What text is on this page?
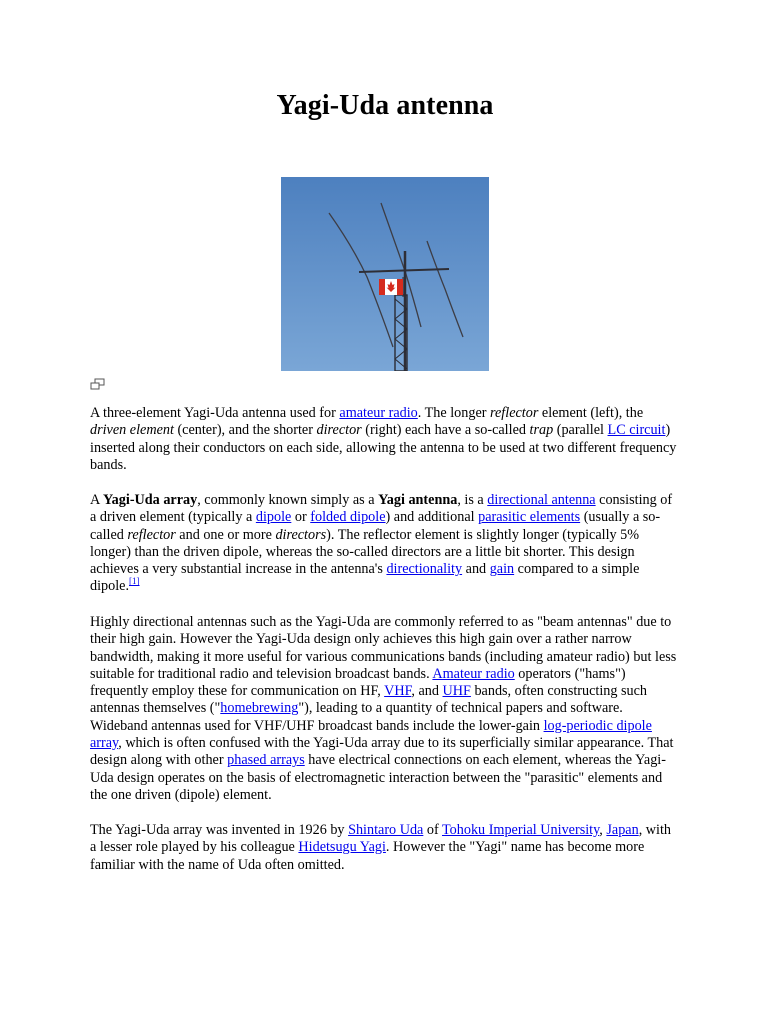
Yagi-Uda antenna

A three-element Yagi-Uda antenna used for amateur radio. The longer reflector element (left), the driven element (center), and the shorter director (right) each have a so-called trap (parallel LC circuit) inserted along their conductors on each side, allowing the antenna to be used at two different frequency bands.

A Yagi-Uda array, commonly known simply as a Yagi antenna, is a directional antenna consisting of a driven element (typically a dipole or folded dipole) and additional parasitic elements (usually a so-called reflector and one or more directors). The reflector element is slightly longer (typically 5% longer) than the driven dipole, whereas the so-called directors are a little bit shorter. This design achieves a very substantial increase in the antenna's directionality and gain compared to a simple dipole.[1]

Highly directional antennas such as the Yagi-Uda are commonly referred to as "beam antennas" due to their high gain. However the Yagi-Uda design only achieves this high gain over a rather narrow bandwidth, making it more useful for various communications bands (including amateur radio) but less suitable for traditional radio and television broadcast bands. Amateur radio operators ("hams") frequently employ these for communication on HF, VHF, and UHF bands, often constructing such antennas themselves ("homebrewing"), leading to a quantity of technical papers and software. Wideband antennas used for VHF/UHF broadcast bands include the lower-gain log-periodic dipole array, which is often confused with the Yagi-Uda array due to its superficially similar appearance. That design along with other phased arrays have electrical connections on each element, whereas the Yagi-Uda design operates on the basis of electromagnetic interaction between the "parasitic" elements and the one driven (dipole) element.

The Yagi-Uda array was invented in 1926 by Shintaro Uda of Tohoku Imperial University, Japan, with a lesser role played by his colleague Hidetsugu Yagi. However the "Yagi" name has become more familiar with the name of Uda often omitted.
